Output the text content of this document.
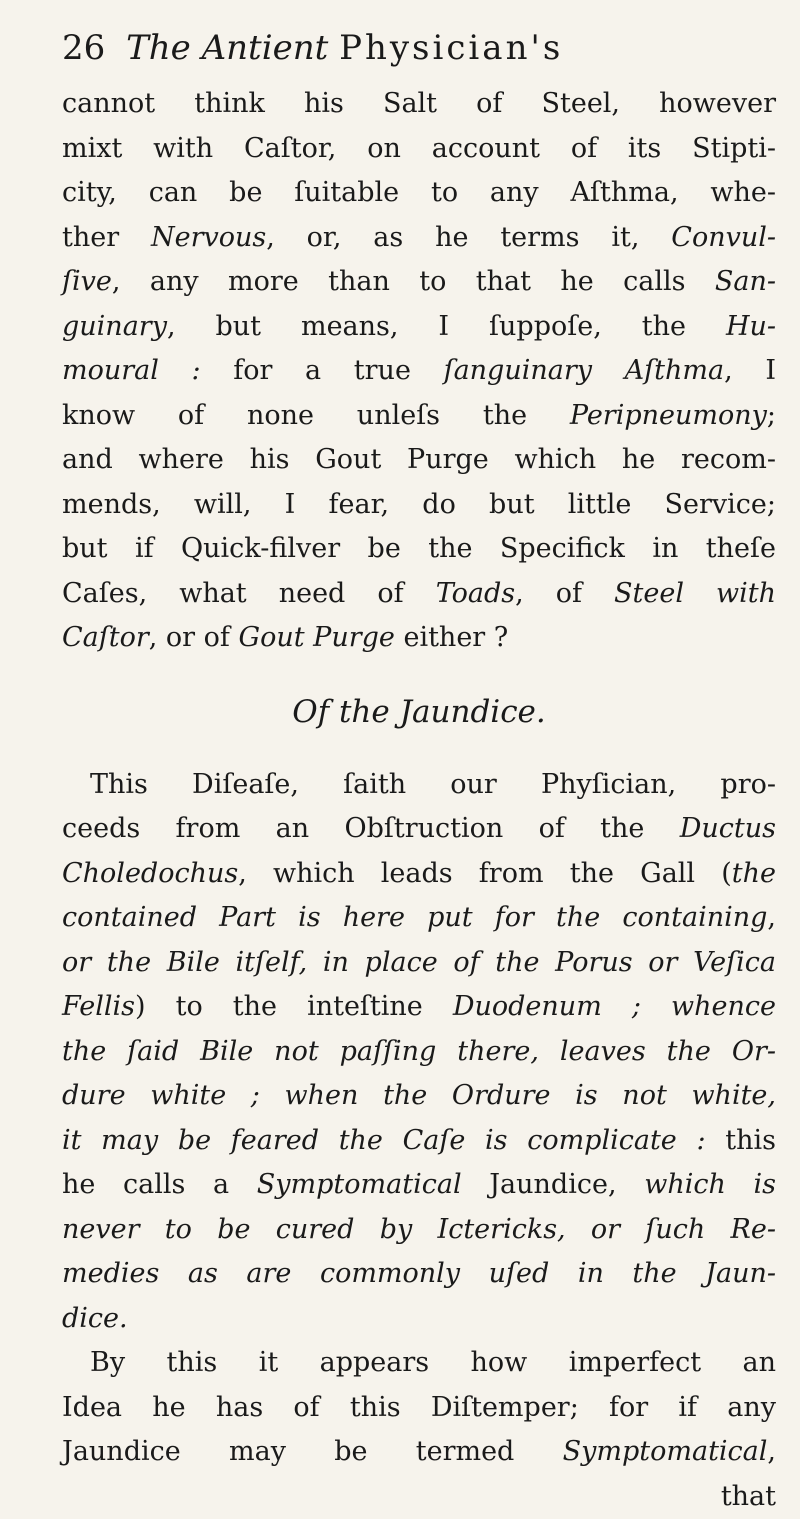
26 The Antient Physician's
cannot think his Salt of Steel, however
mixt with Caſtor, on account of its Stipti-
city, can be ſuitable to any Aſthma, whe-
ther Nervous, or, as he terms it, Convul-
ſive, any more than to that he calls San-
guinary, but means, I ſuppoſe, the Hu-
moural : for a true ſanguinary Aſthma, I
know of none unleſs the Peripneumony;
and where his Gout Purge which he recom-
mends, will, I fear, do but little Service;
but if Quick-filver be the Specifick in theſe
Caſes, what need of Toads, of Steel with
Caſtor, or of Gout Purge either ?
Of the Jaundice.
This Diſeaſe, ſaith our Phyſician, pro-
ceeds from an Obſtruction of the Ductus
Choledochus, which leads from the Gall (the
contained Part is here put for the containing,
or the Bile itſelf, in place of the Porus or Veſica
Fellis) to the inteſtine Duodenum ; whence
the ſaid Bile not paſſing there, leaves the Or-
dure white ; when the Ordure is not white,
it may be feared the Caſe is complicate : this
he calls a Symptomatical Jaundice, which is
never to be cured by Ictericks, or ſuch Re-
medies as are commonly uſed in the Jaun-
dice.
By this it appears how imperfect an
Idea he has of this Diſtemper; for if any
Jaundice may be termed Symptomatical,
that
